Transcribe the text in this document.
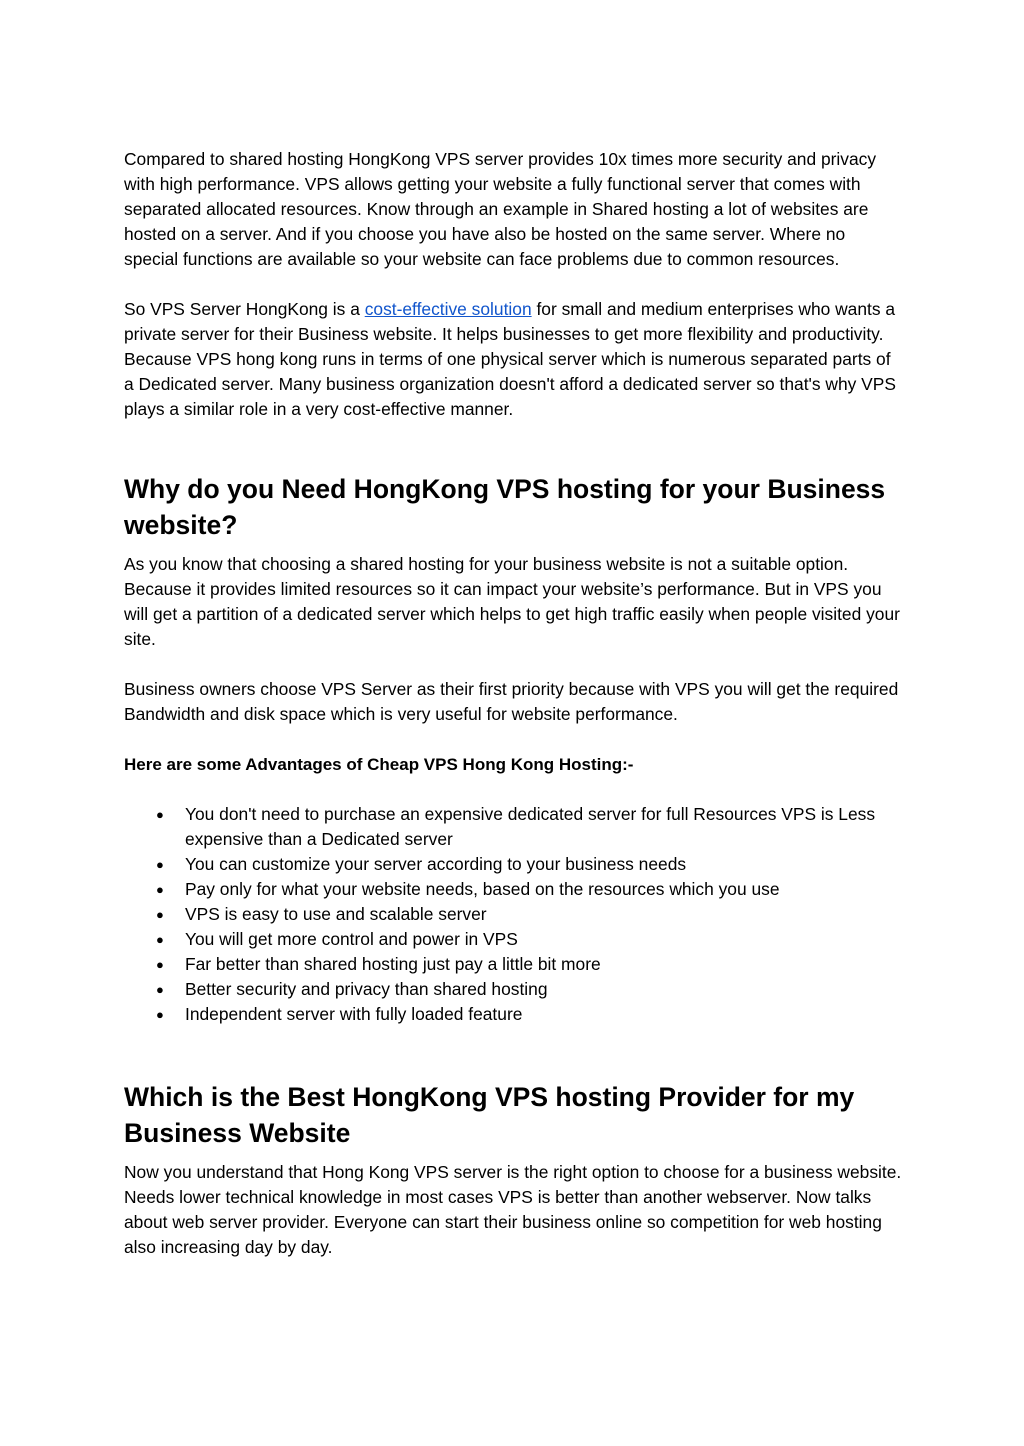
Compared to shared hosting HongKong VPS server provides 10x times more security and privacy with high performance. VPS allows getting your website a fully functional server that comes with separated allocated resources. Know through an example in Shared hosting a lot of websites are hosted on a server. And if you choose you have also be hosted on the same server. Where no special functions are available so your website can face problems due to common resources.

So VPS Server HongKong is a cost-effective solution for small and medium enterprises who wants a private server for their Business website. It helps businesses to get more flexibility and productivity. Because VPS hong kong runs in terms of one physical server which is numerous separated parts of a Dedicated server. Many business organization doesn't afford a dedicated server so that's why VPS plays a similar role in a very cost-effective manner.

Why do you Need HongKong VPS hosting for your Business website?

As you know that choosing a shared hosting for your business website is not a suitable option. Because it provides limited resources so it can impact your website’s performance. But in VPS you will get a partition of a dedicated server which helps to get high traffic easily when people visited your site.

Business owners choose VPS Server as their first priority because with VPS you will get the required Bandwidth and disk space which is very useful for website performance.

Here are some Advantages of Cheap VPS Hong Kong Hosting:-

● You don't need to purchase an expensive dedicated server for full Resources VPS is Less expensive than a Dedicated server
● You can customize your server according to your business needs
● Pay only for what your website needs, based on the resources which you use
● VPS is easy to use and scalable server
● You will get more control and power in VPS
● Far better than shared hosting just pay a little bit more
● Better security and privacy than shared hosting
● Independent server with fully loaded feature
Which is the Best HongKong VPS hosting Provider for my Business Website

Now you understand that Hong Kong VPS server is the right option to choose for a business website. Needs lower technical knowledge in most cases VPS is better than another webserver. Now talks about web server provider. Everyone can start their business online so competition for web hosting also increasing day by day.
